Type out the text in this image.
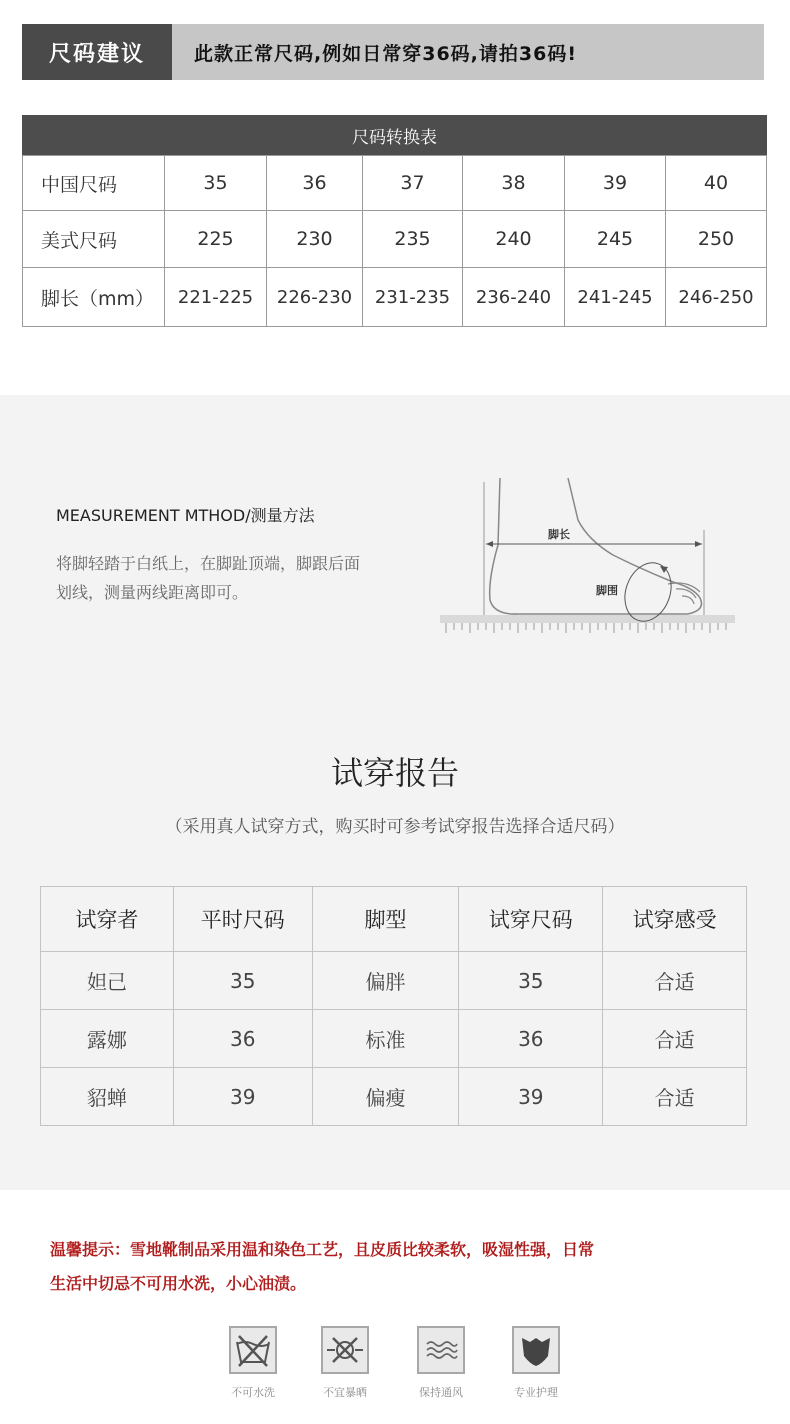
尺码建议	此款正常尺码,例如日常穿36码,请拍36码!
尺码转换表
中国尺码	35	36	37	38	39	40
美式尺码	225	230	235	240	245	250
脚长（mm）	221-225	226-230	231-235	236-240	241-245	246-250
MEASUREMENT MTHOD/测量方法
将脚轻踏于白纸上，在脚趾顶端，脚跟后面
划线，测量两线距离即可。
脚长
脚围
试穿报告
（采用真人试穿方式，购买时可参考试穿报告选择合适尺码）
试穿者	平时尺码	脚型	试穿尺码	试穿感受
妲己	35	偏胖	35	合适
露娜	36	标准	36	合适
貂蝉	39	偏瘦	39	合适
温馨提示：雪地靴制品采用温和染色工艺，且皮质比较柔软，吸湿性强，日常
生活中切忌不可用水洗，小心油渍。
不可水洗	不宜暴晒	保持通风	专业护理
